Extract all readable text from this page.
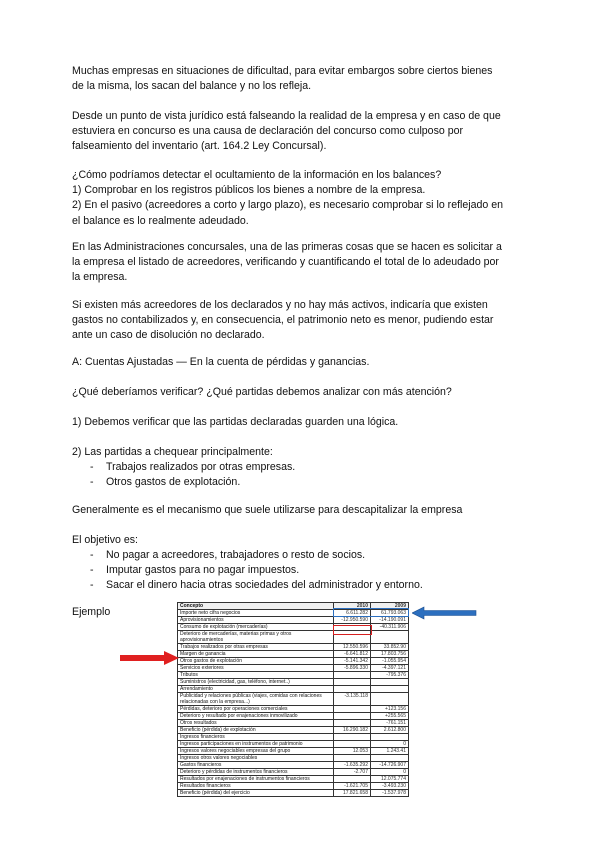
Muchas empresas en situaciones de dificultad, para evitar embargos sobre ciertos bienes
de la misma, los sacan del balance y no los refleja.
Desde un punto de vista jurídico está falseando la realidad de la empresa y en caso de que
estuviera en concurso es una causa de declaración del concurso como culposo por
falseamiento del inventario (art. 164.2 Ley Concursal).
¿Cómo podríamos detectar el ocultamiento de la información en los balances?
1) Comprobar en los registros públicos los bienes a nombre de la empresa.
2) En el pasivo (acreedores a corto y largo plazo), es necesario comprobar si lo reflejado en
el balance es lo realmente adeudado.
En las Administraciones concursales, una de las primeras cosas que se hacen es solicitar a
la empresa el listado de acreedores, verificando y cuantificando el total de lo adeudado por
la empresa.
Si existen más acreedores de los declarados y no hay más activos, indicaría que existen
gastos no contabilizados y, en consecuencia, el patrimonio neto es menor, pudiendo estar
ante un caso de disolución no declarado.
A: Cuentas Ajustadas — En la cuenta de pérdidas y ganancias.
¿Qué deberíamos verificar? ¿Qué partidas debemos analizar con más atención?
1) Debemos verificar que las partidas declaradas guarden una lógica.
2) Las partidas a chequear principalmente:
Generalmente es el mecanismo que suele utilizarse para descapitalizar la empresa
El objetivo es:
- Trabajos realizados por otras empresas.
- Otros gastos de explotación.
- No pagar a acreedores, trabajadores o resto de socios.
- Imputar gastos para no pagar impuestos.
- Sacar el dinero hacia otras sociedades del administrador y entorno.
Ejemplo	Concepto	2010	2009
Importe neto cifra negocios	6.611.282	61.793.063
Aprovisionamientos	-12.950.590	-14.190.091
Consumo de explotación (mercaderías)		-40.311.906
Deterioro de mercaderías, materias primas y otros aprovisionamientos		
Trabajos realizados por otras empresas	12.550.596	33.852.90
Margen de ganancia	-6.641.812	17.803.756
Otros gastos de explotación	-5.141.342	-1.055.954
Servicios exteriores	-5.896.330	-4.397.121
Tributos		-795.376
Suministros (electricidad, gas, teléfono, internet..)		
Arrendamiento		
Publicidad y relaciones públicas (viajes, comidas con relaciones relacionadas con la empresa...)	-3.135.118	
Pérdidas, deterioro por operaciones comerciales		+123.156
Deterioro y resultado por enajenaciones inmovilizado		+255.565
Otros resultados		-761.151
Beneficio (pérdida) de explotación	16.290.182	2.612.800
Ingresos financieros		
Ingresos participaciones en instrumentos de patrimonio		0
Ingresos valores negociables empresas del grupo	12.053	1.243.41
Ingresos otros valores negociables		
Gastos financieros	-1.635.292	-14.726.907
Deterioro y pérdidas de instrumentos financieros	-2.707	0
Resultados por enajenaciones de instrumentos financieros		12.075.774
Resultados financieros	-1.621.705	-3.493.230
Beneficio (pérdida) del ejercicio	17.821.658	-1.537.978
